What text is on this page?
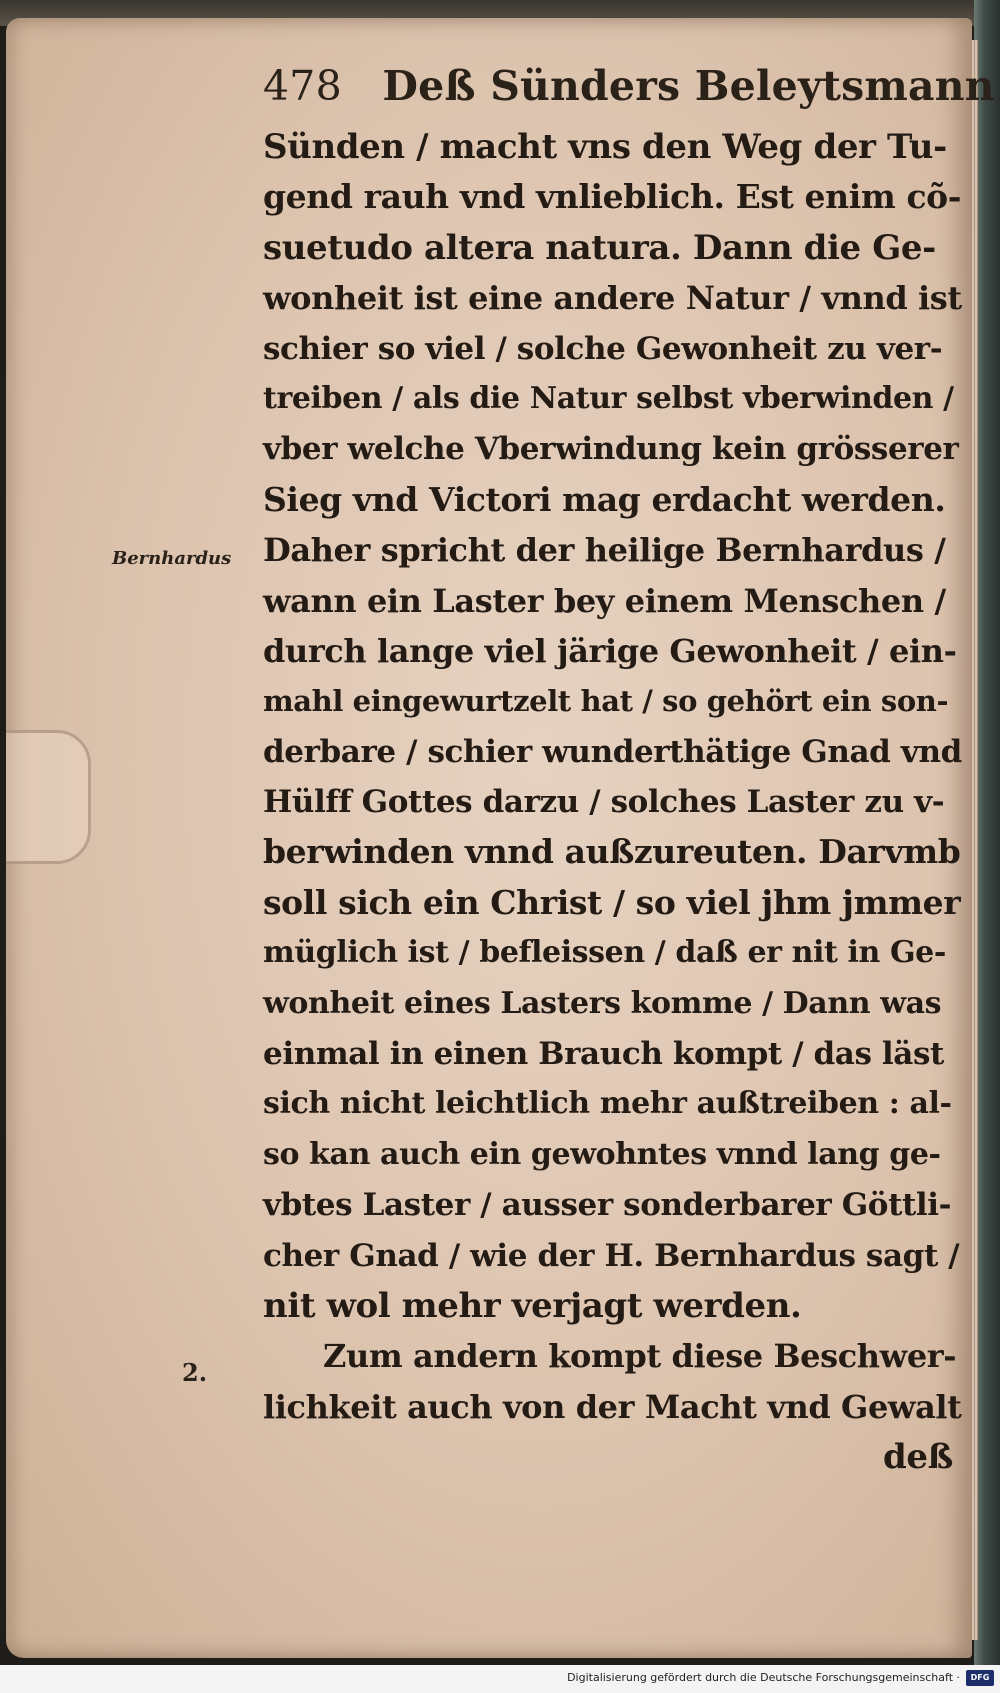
478 Deß Sünders Beleytsmann
Bernhardus
2.
Sünden / macht vns den Weg der Tu-
gend rauh vnd vnlieblich. Est enim cõ-
suetudo altera natura. Dann die Ge-
wonheit ist eine andere Natur / vnnd ist
schier so viel / solche Gewonheit zu ver-
treiben / als die Natur selbst vberwinden /
vber welche Vberwindung kein grösserer
Sieg vnd Victori mag erdacht werden.
Daher spricht der heilige Bernhardus /
wann ein Laster bey einem Menschen /
durch lange viel järige Gewonheit / ein-
mahl eingewurtzelt hat / so gehört ein son-
derbare / schier wunderthätige Gnad vnd
Hülff Gottes darzu / solches Laster zu v-
berwinden vnnd außzureuten. Darvmb
soll sich ein Christ / so viel jhm jmmer
müglich ist / befleissen / daß er nit in Ge-
wonheit eines Lasters komme / Dann was
einmal in einen Brauch kompt / das läst
sich nicht leichtlich mehr außtreiben : al-
so kan auch ein gewohntes vnnd lang ge-
vbtes Laster / ausser sonderbarer Göttli-
cher Gnad / wie der H. Bernhardus sagt /
nit wol mehr verjagt werden.
Zum andern kompt diese Beschwer-
lichkeit auch von der Macht vnd Gewalt
deß
Digitalisierung gefördert durch die Deutsche Forschungsgemeinschaft ·	DFG
